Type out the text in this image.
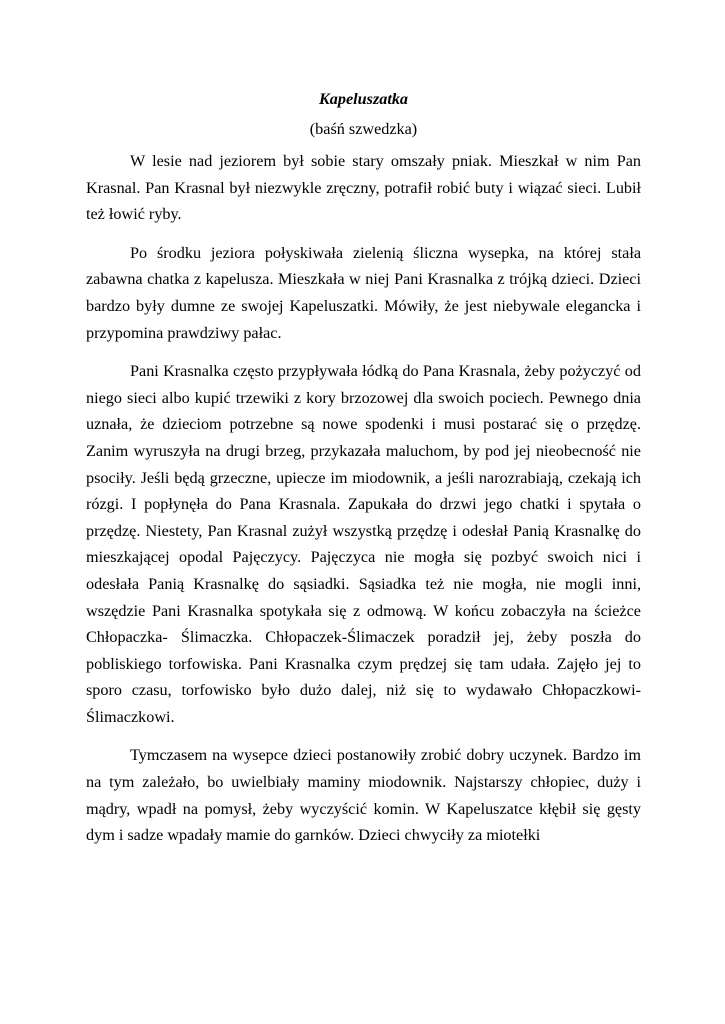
Kapeluszatka

(baśń szwedzka)

W lesie nad jeziorem był sobie stary omszały pniak. Mieszkał w nim Pan Krasnal. Pan Krasnal był niezwykle zręczny, potrafił robić buty i wiązać sieci. Lubił też łowić ryby.

Po środku jeziora połyskiwała zielenią śliczna wysepka, na której stała zabawna chatka z kapelusza. Mieszkała w niej Pani Krasnalka z trójką dzieci. Dzieci bardzo były dumne ze swojej Kapeluszatki. Mówiły, że jest niebywale elegancka i przypomina prawdziwy pałac.

Pani Krasnalka często przypływała łódką do Pana Krasnala, żeby pożyczyć od niego sieci albo kupić trzewiki z kory brzozowej dla swoich pociech. Pewnego dnia uznała, że dzieciom potrzebne są nowe spodenki i musi postarać się o przędzę. Zanim wyruszyła na drugi brzeg, przykazała maluchom, by pod jej nieobecność nie psociły. Jeśli będą grzeczne, upiecze im miodownik, a jeśli narozrabiają, czekają ich rózgi. I popłynęła do Pana Krasnala. Zapukała do drzwi jego chatki i spytała o przędzę. Niestety, Pan Krasnal zużył wszystką przędzę i odesłał Panią Krasnalkę do mieszkającej opodal Pajęczycy. Pajęczyca nie mogła się pozbyć swoich nici i odesłała Panią Krasnalkę do sąsiadki. Sąsiadka też nie mogła, nie mogli inni, wszędzie Pani Krasnalka spotykała się z odmową. W końcu zobaczyła na ścieżce Chłopaczka- Ślimaczka. Chłopaczek-Ślimaczek poradził jej, żeby poszła do pobliskiego torfowiska. Pani Krasnalka czym prędzej się tam udała. Zajęło jej to sporo czasu, torfowisko było dużo dalej, niż się to wydawało Chłopaczkowi- Ślimaczkowi.

Tymczasem na wysepce dzieci postanowiły zrobić dobry uczynek. Bardzo im na tym zależało, bo uwielbiały maminy miodownik. Najstarszy chłopiec, duży i mądry, wpadł na pomysł, żeby wyczyścić komin. W Kapeluszatce kłębił się gęsty dym i sadze wpadały mamie do garnków. Dzieci chwyciły za miotełki
